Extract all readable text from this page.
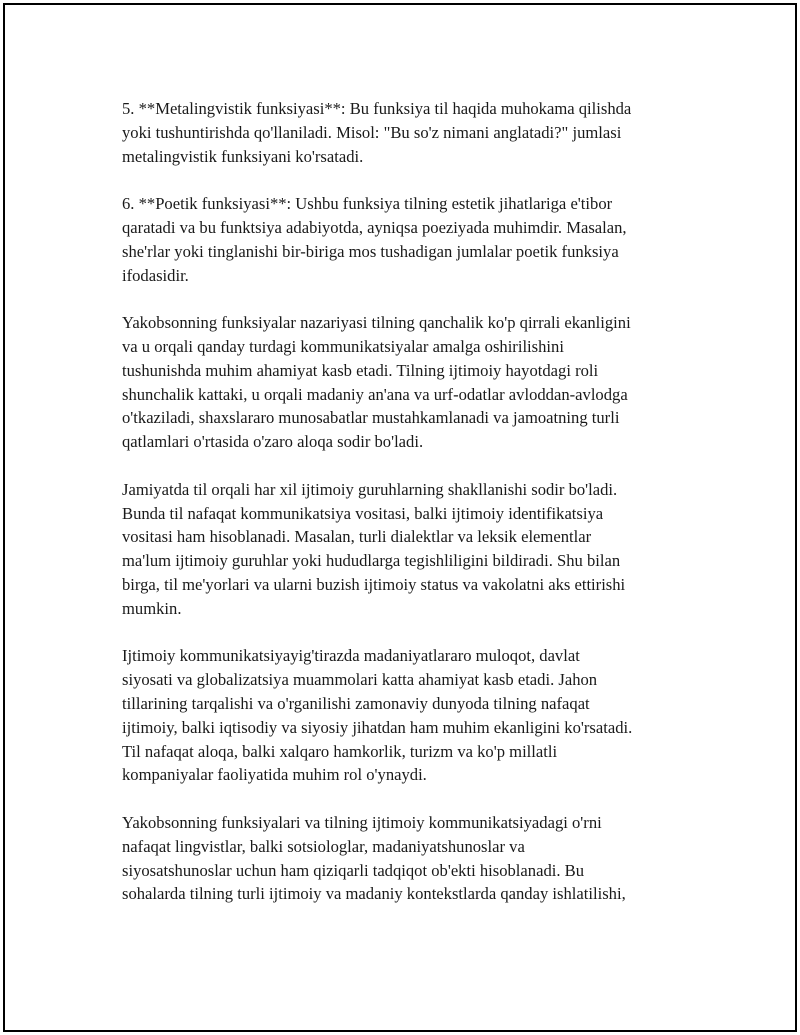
5. **Metalingvistik funksiyasi**: Bu funksiya til haqida muhokama qilishda
yoki tushuntirishda qo'llaniladi. Misol: "Bu so'z nimani anglatadi?" jumlasi
metalingvistik funksiyani ko'rsatadi.

6. **Poetik funksiyasi**: Ushbu funksiya tilning estetik jihatlariga e'tibor
qaratadi va bu funktsiya adabiyotda, ayniqsa poeziyada muhimdir. Masalan,
she'rlar yoki tinglanishi bir-biriga mos tushadigan jumlalar poetik funksiya
ifodasidir.

Yakobsonning funksiyalar nazariyasi tilning qanchalik ko'p qirrali ekanligini
va u orqali qanday turdagi kommunikatsiyalar amalga oshirilishini
tushunishda muhim ahamiyat kasb etadi. Tilning ijtimoiy hayotdagi roli
shunchalik kattaki, u orqali madaniy an'ana va urf-odatlar avloddan-avlodga
o'tkaziladi, shaxslararo munosabatlar mustahkamlanadi va jamoatning turli
qatlamlari o'rtasida o'zaro aloqa sodir bo'ladi.

Jamiyatda til orqali har xil ijtimoiy guruhlarning shakllanishi sodir bo'ladi.
Bunda til nafaqat kommunikatsiya vositasi, balki ijtimoiy identifikatsiya
vositasi ham hisoblanadi. Masalan, turli dialektlar va leksik elementlar
ma'lum ijtimoiy guruhlar yoki hududlarga tegishliligini bildiradi. Shu bilan
birga, til me'yorlari va ularni buzish ijtimoiy status va vakolatni aks ettirishi
mumkin.

Ijtimoiy kommunikatsiyayig'tirazda madaniyatlararo muloqot, davlat
siyosati va globalizatsiya muammolari katta ahamiyat kasb etadi. Jahon
tillarining tarqalishi va o'rganilishi zamonaviy dunyoda tilning nafaqat
ijtimoiy, balki iqtisodiy va siyosiy jihatdan ham muhim ekanligini ko'rsatadi.
Til nafaqat aloqa, balki xalqaro hamkorlik, turizm va ko'p millatli
kompaniyalar faoliyatida muhim rol o'ynaydi.

Yakobsonning funksiyalari va tilning ijtimoiy kommunikatsiyadagi o'rni
nafaqat lingvistlar, balki sotsiologlar, madaniyatshunoslar va
siyosatshunoslar uchun ham qiziqarli tadqiqot ob'ekti hisoblanadi. Bu
sohalarda tilning turli ijtimoiy va madaniy kontekstlarda qanday ishlatilishi,
